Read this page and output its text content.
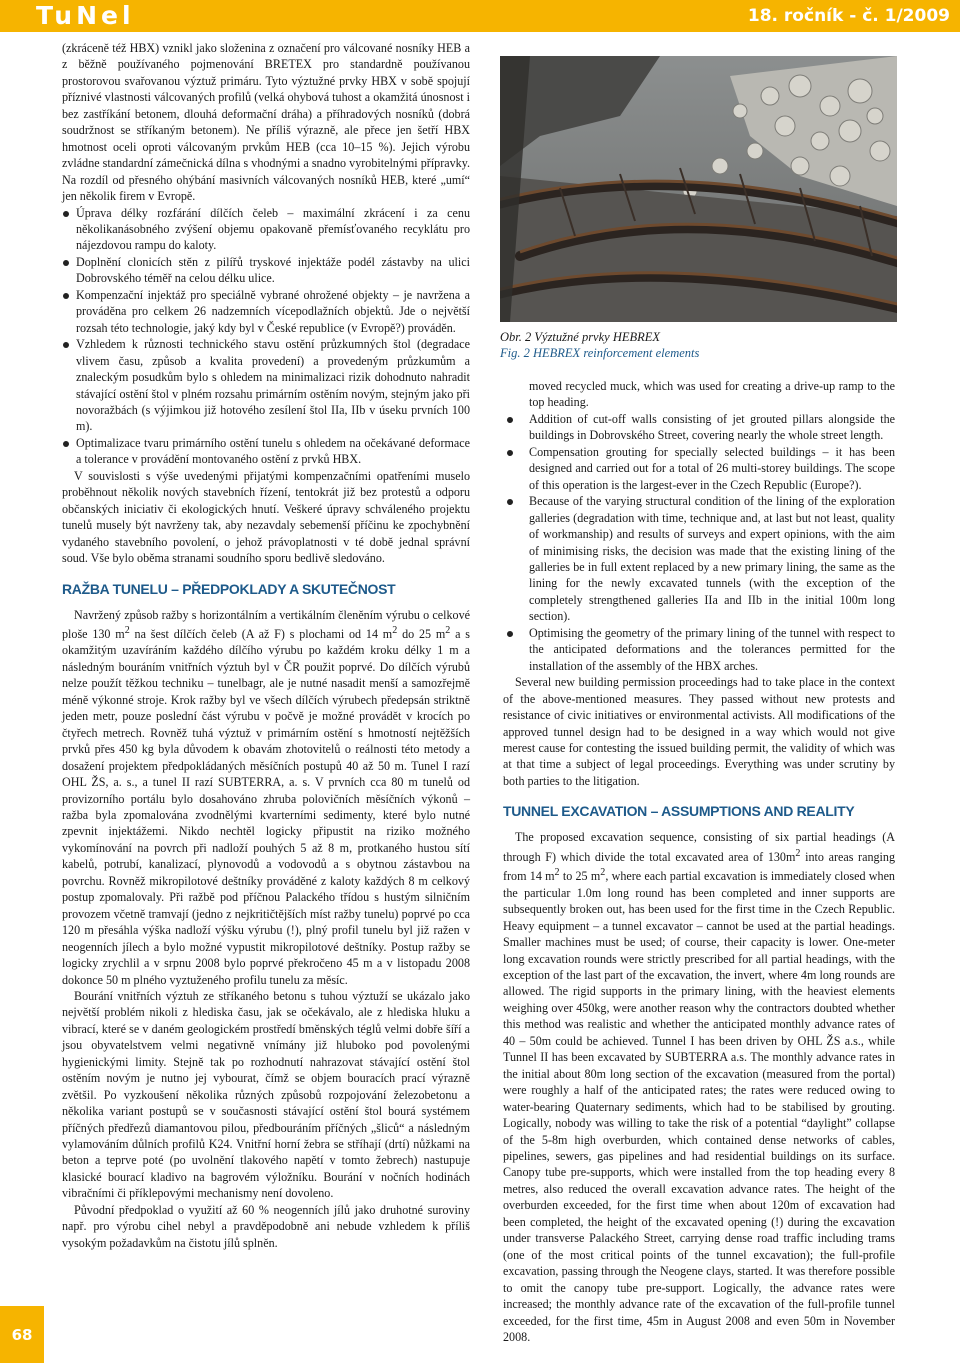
TuNel	18. ročník - č. 1/2009

(zkráceně též HBX) vznikl jako složenina z označení pro válcované nosníky HEB a z běžně používaného pojmenování BRETEX pro standardně používanou prostorovou svařovanou výztuž primáru. Tyto výztužné prvky HBX v sobě spojují příznivé vlastnosti válcovaných profilů (velká ohybová tuhost a okamžitá únosnost i bez zastříkání betonem, dlouhá deformační dráha) a příhradových nosníků (dobrá soudržnost se stříkaným betonem). Ne příliš výrazně, ale přece jen šetří HBX hmotnost oceli oproti válcovaným prvkům HEB (cca 10–15 %). Jejich výrobu zvládne standardní zámečnická dílna s vhodnými a snadno vyrobitelnými přípravky. Na rozdíl od přesného ohýbání masivních válcovaných nosníků HEB, které „umí“ jen několik firem v Evropě.

Úprava délky rozfárání dílčích čeleb – maximální zkrácení i za cenu několikanásobného zvýšení objemu opakovaně přemísťovaného recyklátu pro nájezdovou rampu do kaloty.
Doplnění clonicích stěn z pilířů tryskové injektáže podél zástavby na ulici Dobrovského téměř na celou délku ulice.
Kompenzační injektáž pro speciálně vybrané ohrožené objekty – je navržena a prováděna pro celkem 26 nadzemních vícepodlažních objektů. Jde o největší rozsah této technologie, jaký kdy byl v České republice (v Evropě?) prováděn.
Vzhledem k různosti technického stavu ostění průzkumných štol (degradace vlivem času, způsob a kvalita provedení) a provedeným průzkumům a znaleckým posudkům bylo s ohledem na minimalizaci rizik dohodnuto nahradit stávající ostění štol v plném rozsahu primárním ostěním novým, stejným jako při novoražbách (s výjimkou již hotového zesílení štol IIa, IIb v úseku prvních 100 m).
Optimalizace tvaru primárního ostění tunelu s ohledem na očekávané deformace a tolerance v provádění montovaného ostění z prvků HBX.

V souvislosti s výše uvedenými přijatými kompenzačními opatřeními muselo proběhnout několik nových stavebních řízení, tentokrát již bez protestů a odporu občanských iniciativ či ekologických hnutí. Veškeré úpravy schváleného projektu tunelů musely být navrženy tak, aby nezavdaly sebemenší příčinu ke zpochybnění vydaného stavebního povolení, o jehož právoplatnosti v té době jednal správní soud. Vše bylo oběma stranami soudního sporu bedlivě sledováno.

RAŽBA TUNELU – PŘEDPOKLADY A SKUTEČNOST

Navržený způsob ražby s horizontálním a vertikálním členěním výrubu o celkové ploše 130 $m^2$ na šest dílčích čeleb (A až F) s plochami od 14 $m^2$ do 25 $m^2$ a s okamžitým uzavíráním každého dílčího výrubu po každém kroku délky 1 m a následným bouráním vnitřních výztuh byl v ČR použit poprvé. Do dílčích výrubů nelze použít těžkou techniku – tunelbagr, ale je nutné nasadit menší a samozřejmě méně výkonné stroje. Krok ražby byl ve všech dílčích výrubech předepsán striktně jeden metr, pouze poslední část výrubu v počvě je možné provádět v krocích po čtyřech metrech. Rovněž tuhá výztuž v primárním ostění s hmotností nejtěžších prvků přes 450 kg byla důvodem k obavám zhotovitelů o reálnosti této metody a dosažení projektem předpokládaných měsíčních postupů 40 až 50 m. Tunel I razí OHL ŽS, a. s., a tunel II razí SUBTERRA, a. s. V prvních cca 80 m tunelů od provizorního portálu bylo dosahováno zhruba polovičních měsíčních výkonů – ražba byla zpomalována zvodnělými kvarterními sedimenty, které bylo nutné zpevnit injektážemi. Nikdo nechtěl logicky připustit na riziko možného vykomínování na povrch při nadloží pouhých 5 až 8 m, protkaného hustou sítí kabelů, potrubí, kanalizací, plynovodů a vodovodů a s obytnou zástavbou na povrchu. Rovněž mikropilotové deštníky prováděné z kaloty každých 8 m celkový postup zpomalovaly. Při ražbě pod příčnou Palackého třídou s hustým silničním provozem včetně tramvají (jedno z nejkritičtějších míst ražby tunelu) poprvé po cca 120 m přesáhla výška nadloží výšku výrubu (!), plný profil tunelu byl již ražen v neogenních jílech a bylo možné vypustit mikropilotové deštníky. Postup ražby se logicky zrychlil a v srpnu 2008 bylo poprvé překročeno 45 m a v listopadu 2008 dokonce 50 m plného vyztuženého profilu tunelu za měsíc.

Bourání vnitřních výztuh ze stříkaného betonu s tuhou výztuží se ukázalo jako největší problém nikoli z hlediska času, jak se očekávalo, ale z hlediska hluku a vibrací, které se v daném geologickém prostředí bměnských téglů velmi dobře šíří a jsou obyvatelstvem velmi negativně vnímány již hluboko pod povolenými hygienickými limity. Stejně tak po rozhodnutí nahrazovat stávající ostění štol ostěním novým je nutno jej vybourat, čímž se objem bouracích prací výrazně zvětšil. Po vyzkoušení několika různých způsobů rozpojování železobetonu a několika variant postupů se v současnosti stávající ostění štol bourá systémem příčných předřezů diamantovou pilou, předbouráním příčných „šliců“ a následným vylamováním důlních profilů K24. Vnitřní horní žebra se stříhají (drtí) nůžkami na beton a teprve poté (po uvolnění tlakového napětí v tomto žebrech) nastupuje klasické bourací kladivo na bagrovém výložníku. Bourání v nočních hodinách vibračními či příklepovými mechanismy není dovoleno.

Původní předpoklad o využití až 60 % neogenních jílů jako druhotné suroviny např. pro výrobu cihel nebyl a pravděpodobně ani nebude vzhledem k příliš vysokým požadavkům na čistotu jílů splněn.

Obr. 2 Výztužné prvky HEBREX
Fig. 2 HEBREX reinforcement elements
moved recycled muck, which was used for creating a drive-up ramp to the top heading.
Addition of cut-off walls consisting of jet grouted pillars alongside the buildings in Dobrovského Street, covering nearly the whole street length.
Compensation grouting for specially selected buildings – it has been designed and carried out for a total of 26 multi-storey buildings. The scope of this operation is the largest-ever in the Czech Republic (Europe?).
Because of the varying structural condition of the lining of the exploration galleries (degradation with time, technique and, at last but not least, quality of workmanship) and results of surveys and expert opinions, with the aim of minimising risks, the decision was made that the existing lining of the galleries be in full extent replaced by a new primary lining, the same as the lining for the newly excavated tunnels (with the exception of the completely strengthened galleries IIa and IIb in the initial 100m long section).
Optimising the geometry of the primary lining of the tunnel with respect to the anticipated deformations and the tolerances permitted for the installation of the assembly of the HBX arches.

Several new building permission proceedings had to take place in the context of the above-mentioned measures. They passed without new protests and resistance of civic initiatives or environmental activists. All modifications of the approved tunnel design had to be designed in a way which would not give merest cause for contesting the issued building permit, the validity of which was at that time a subject of legal proceedings. Everything was under scrutiny by both parties to the litigation.

TUNNEL EXCAVATION – ASSUMPTIONS AND REALITY

The proposed excavation sequence, consisting of six partial headings (A through F) which divide the total excavated area of $130m^2$ into areas ranging from 14 $m^2$ to 25 $m^2$, where each partial excavation is immediately closed when the particular 1.0m long round has been completed and inner supports are subsequently broken out, has been used for the first time in the Czech Republic. Heavy equipment – a tunnel excavator – cannot be used at the partial headings. Smaller machines must be used; of course, their capacity is lower. One-meter long excavation rounds were strictly prescribed for all partial headings, with the exception of the last part of the excavation, the invert, where 4m long rounds are allowed. The rigid supports in the primary lining, with the heaviest elements weighing over 450kg, were another reason why the contractors doubted whether this method was realistic and whether the anticipated monthly advance rates of 40 – 50m could be achieved. Tunnel I has been driven by OHL ŽS a.s., while Tunnel II has been excavated by SUBTERRA a.s. The monthly advance rates in the initial about 80m long section of the excavation (measured from the portal) were roughly a half of the anticipated rates; the rates were reduced owing to water-bearing Quaternary sediments, which had to be stabilised by grouting. Logically, nobody was willing to take the risk of a potential “daylight” collapse of the 5-8m high overburden, which contained dense networks of cables, pipelines, sewers, gas pipelines and had residential buildings on its surface. Canopy tube pre-supports, which were installed from the top heading every 8 metres, also reduced the overall excavation advance rates. The height of the overburden exceeded, for the first time when about 120m of excavation had been completed, the height of the excavated opening (!) during the excavation under transverse Palackého Street, carrying dense road traffic including trams (one of the most critical points of the tunnel excavation); the full-profile excavation, passing through the Neogene clays, started. It was therefore possible to omit the canopy tube pre-support. Logically, the advance rates were increased; the monthly advance rate of the excavation of the full-profile tunnel exceeded, for the first time, 45m in August 2008 and even 50m in November 2008.

68
